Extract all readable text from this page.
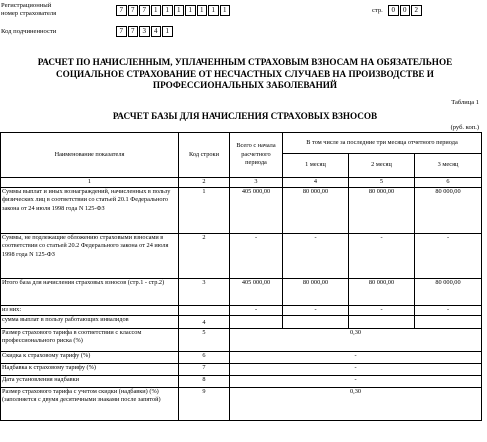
Регистрационный
номер страхователя	7	7	7	1	1	1	1	1	1	1	стр.	0	0	2
Код подчиненности	7	7	3	4	1
РАСЧЕТ ПО НАЧИСЛЕННЫМ, УПЛАЧЕННЫМ СТРАХОВЫМ ВЗНОСАМ НА ОБЯЗАТЕЛЬНОЕ СОЦИАЛЬНОЕ СТРАХОВАНИЕ ОТ НЕСЧАСТНЫХ СЛУЧАЕВ НА ПРОИЗВОДСТВЕ И ПРОФЕССИОНАЛЬНЫХ ЗАБОЛЕВАНИЙ
Таблица 1
РАСЧЕТ БАЗЫ ДЛЯ НАЧИСЛЕНИЯ СТРАХОВЫХ ВЗНОСОВ
(руб. коп.)
Наименование показателя	Код строки	Всего с начала расчетного периода	В том числе за последние три месяца отчетного периода		
			1 месяц	2 месяц	3 месяц
1	2	3	4	5	6
Суммы выплат и иных вознаграждений, начисленных в пользу физических лиц в соответствии со статьей 20.1 Федерального закона от 24 июля 1998 года N 125-ФЗ	1	405 000,00	80 000,00	80 000,00	80 000,00
Суммы, не подлежащие обложению страховыми взносами в соответствии со статьей 20.2 Федерального закона от 24 июля 1998 года N 125-ФЗ	2	-	-	-	-
Итого база для начисления страховых взносов (стр.1 - стр.2)	3	405 000,00	80 000,00	80 000,00	80 000,00
из них:		-	-	-	-
сумма выплат в пользу работающих инвалидов	4				
Размер страхового тарифа в соответствии с классом профессионального риска (%)	5	0,30			
Скидка к страховому тарифу (%)	6	-			
Надбавка к страховому тарифу (%)	7	-			
Дата установления надбавки	8	-			
Размер страхового тарифа с учетом скидки (надбавки) (%) (заполняется с двумя десятичными знаками после запятой)	9	0,30			
